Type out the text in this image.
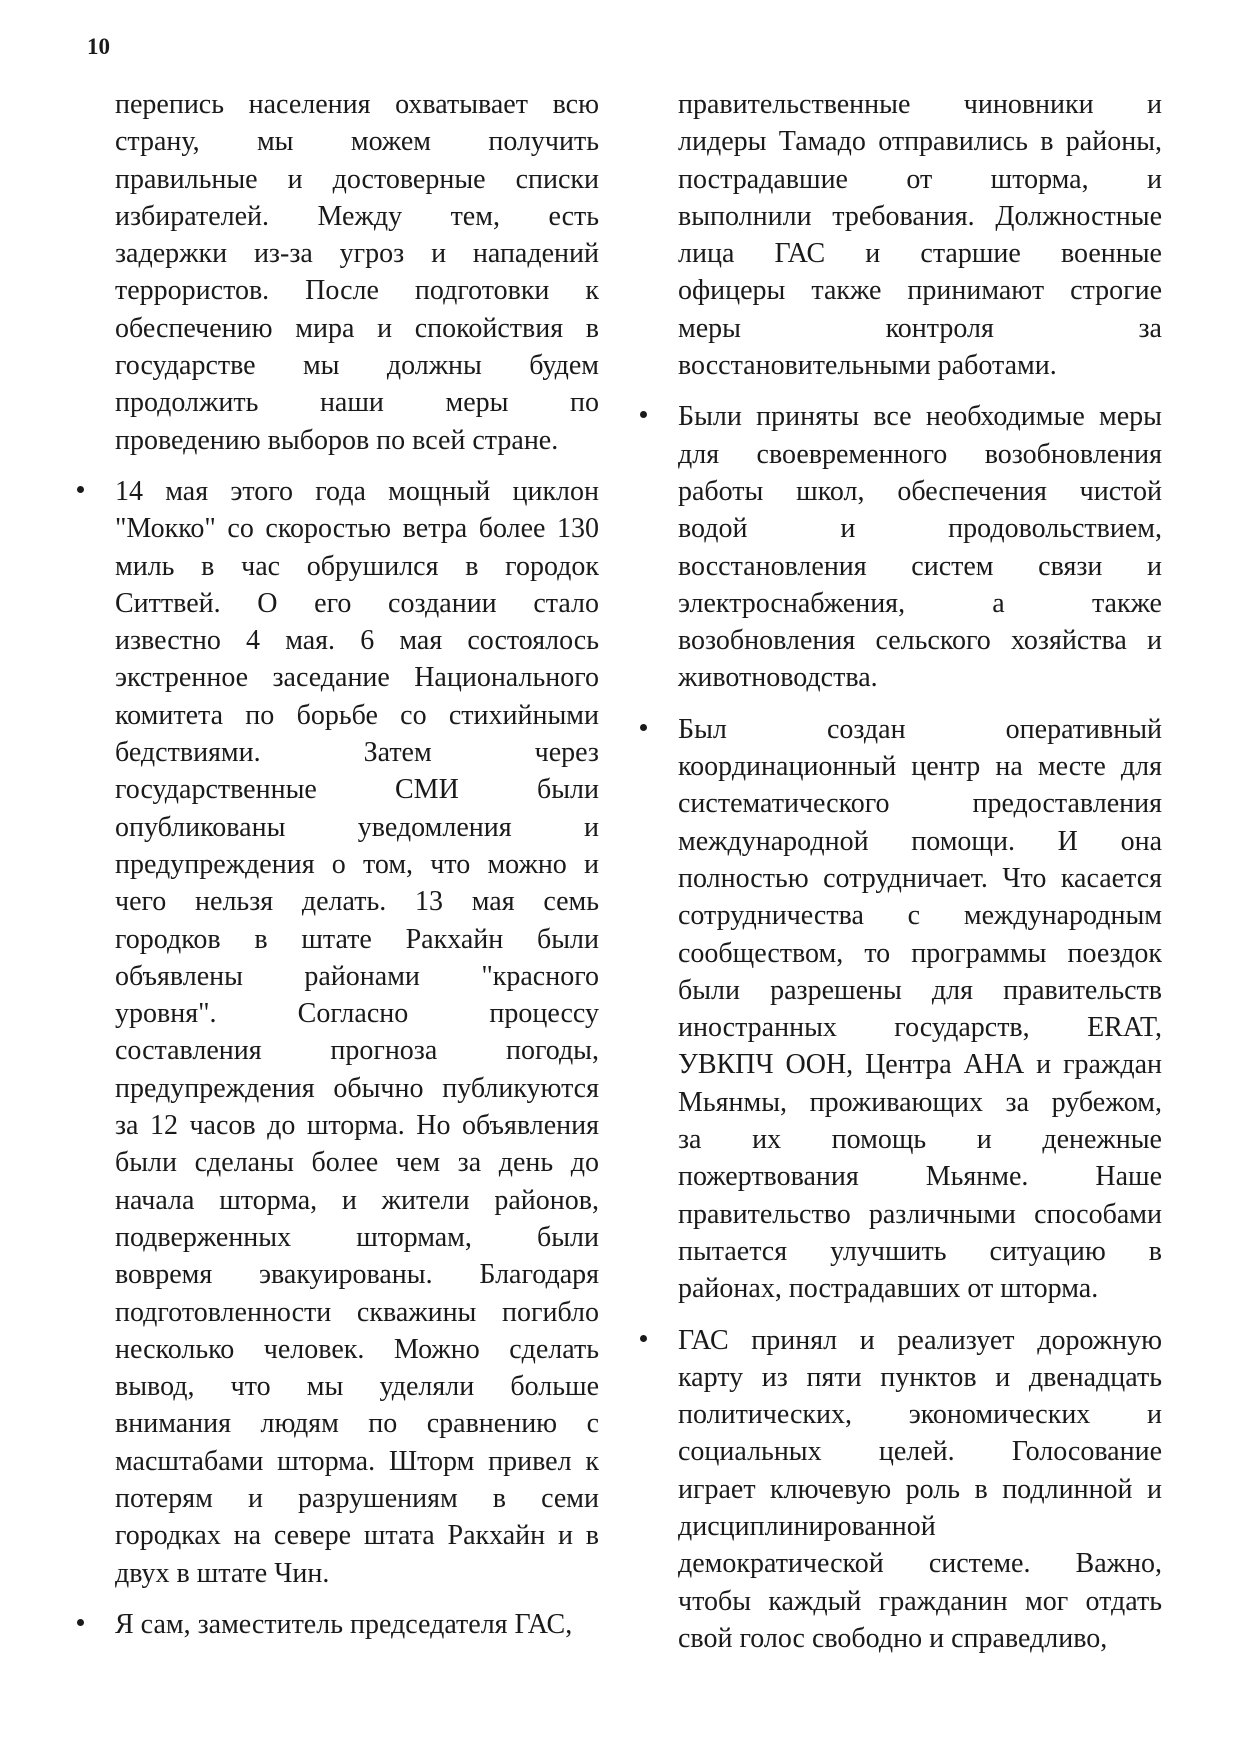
10
перепись населения охватывает всю
страну, мы можем получить
правильные и достоверные списки
избирателей. Между тем, есть
задержки из-за угроз и нападений
террористов. После подготовки к
обеспечению мира и спокойствия в
государстве мы должны будем
продолжить наши меры по
проведению выборов по всей стране.
14 мая этого года мощный циклон
"Мокко" со скоростью ветра более 130
миль в час обрушился в городок
Ситтвей. О его создании стало
известно 4 мая. 6 мая состоялось
экстренное заседание Национального
комитета по борьбе со стихийными
бедствиями. Затем через
государственные СМИ были
опубликованы уведомления и
предупреждения о том, что можно и
чего нельзя делать. 13 мая семь
городков в штате Ракхайн были
объявлены районами "красного
уровня". Согласно процессу
составления прогноза погоды,
предупреждения обычно публикуются
за 12 часов до шторма. Но объявления
были сделаны более чем за день до
начала шторма, и жители районов,
подверженных штормам, были
вовремя эвакуированы. Благодаря
подготовленности скважины погибло
несколько человек. Можно сделать
вывод, что мы уделяли больше
внимания людям по сравнению с
масштабами шторма. Шторм привел к
потерям и разрушениям в семи
городках на севере штата Ракхайн и в
двух в штате Чин.
Я сам, заместитель председателя ГАС,
правительственные чиновники и
лидеры Тамадо отправились в районы,
пострадавшие от шторма, и
выполнили требования. Должностные
лица ГАС и старшие военные
офицеры также принимают строгие
меры контроля за
восстановительными работами.
Были приняты все необходимые меры
для своевременного возобновления
работы школ, обеспечения чистой
водой и продовольствием,
восстановления систем связи и
электроснабжения, а также
возобновления сельского хозяйства и
животноводства.
Был создан оперативный
координационный центр на месте для
систематического предоставления
международной помощи. И она
полностью сотрудничает. Что касается
сотрудничества с международным
сообществом, то программы поездок
были разрешены для правительств
иностранных государств, ERAT,
УВКПЧ ООН, Центра АНА и граждан
Мьянмы, проживающих за рубежом,
за их помощь и денежные
пожертвования Мьянме. Наше
правительство различными способами
пытается улучшить ситуацию в
районах, пострадавших от шторма.
ГАС принял и реализует дорожную
карту из пяти пунктов и двенадцать
политических, экономических и
социальных целей. Голосование
играет ключевую роль в подлинной и
дисциплинированной
демократической системе. Важно,
чтобы каждый гражданин мог отдать
свой голос свободно и справедливо,
